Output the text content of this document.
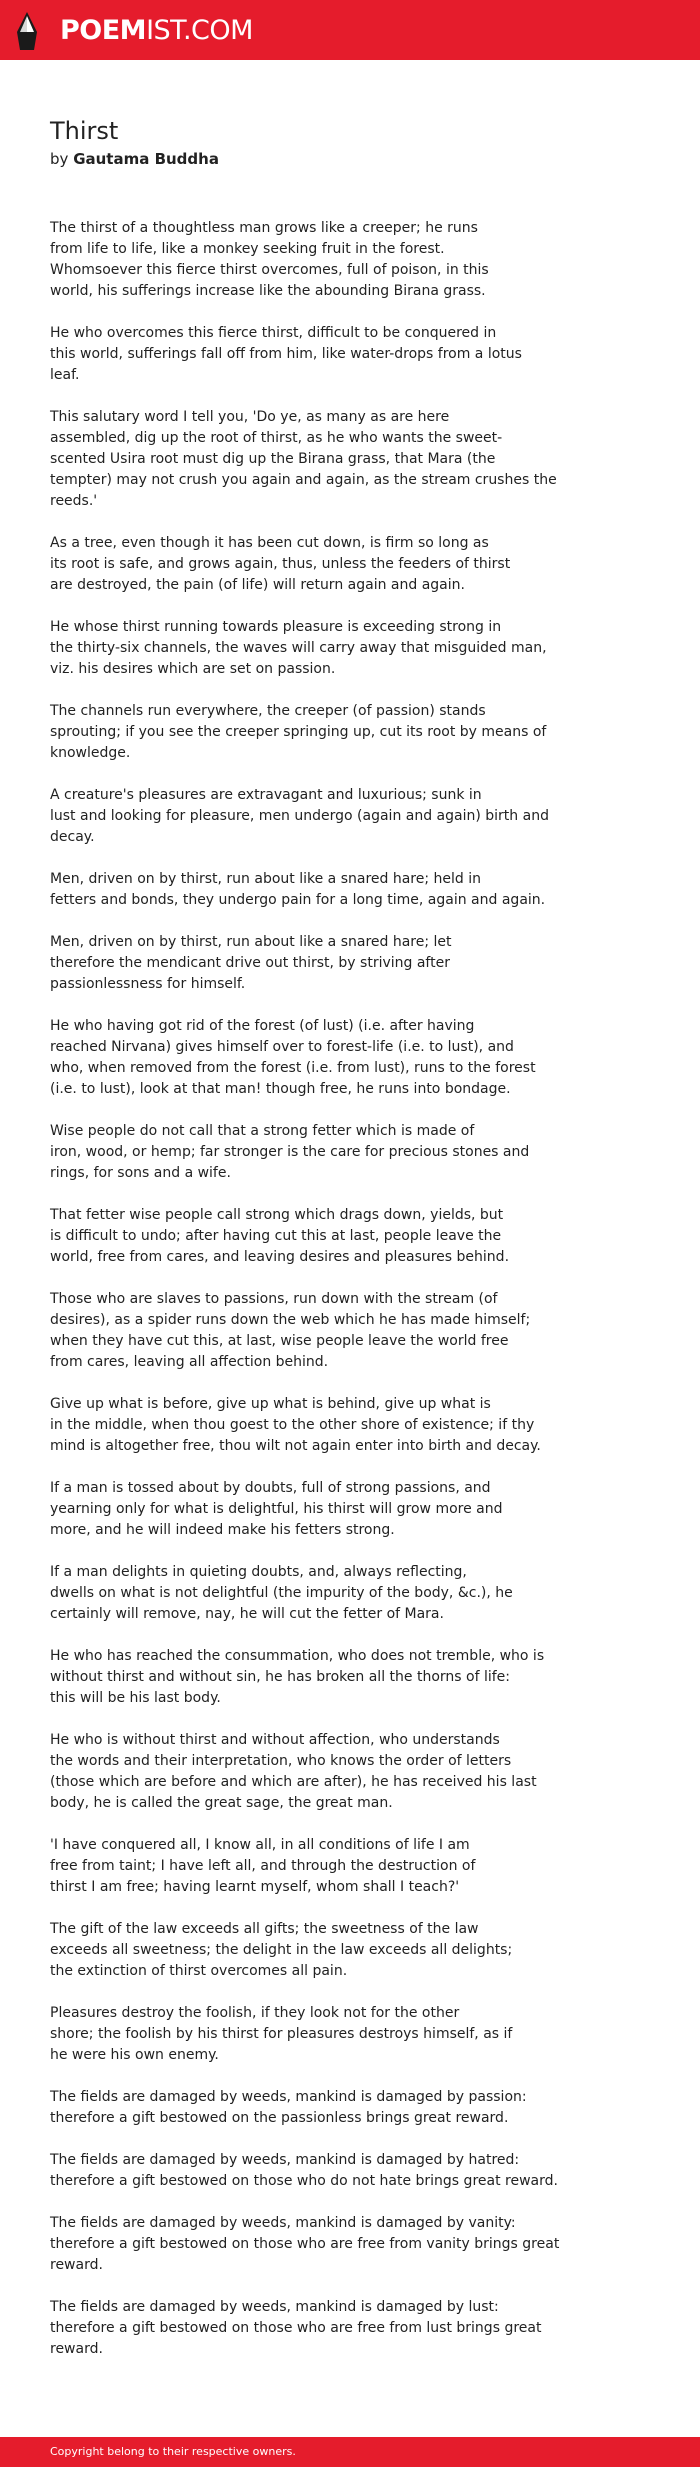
POEMIST.COM
Thirst
by Gautama Buddha

The thirst of a thoughtless man grows like a creeper; he runs
from life to life, like a monkey seeking fruit in the forest.
Whomsoever this fierce thirst overcomes, full of poison, in this
world, his sufferings increase like the abounding Birana grass.

He who overcomes this fierce thirst, difficult to be conquered in
this world, sufferings fall off from him, like water-drops from a lotus
leaf.

This salutary word I tell you, 'Do ye, as many as are here
assembled, dig up the root of thirst, as he who wants the sweet-
scented Usira root must dig up the Birana grass, that Mara (the
tempter) may not crush you again and again, as the stream crushes the
reeds.'

As a tree, even though it has been cut down, is firm so long as
its root is safe, and grows again, thus, unless the feeders of thirst
are destroyed, the pain (of life) will return again and again.

He whose thirst running towards pleasure is exceeding strong in
the thirty-six channels, the waves will carry away that misguided man,
viz. his desires which are set on passion.

The channels run everywhere, the creeper (of passion) stands
sprouting; if you see the creeper springing up, cut its root by means of
knowledge.

A creature's pleasures are extravagant and luxurious; sunk in
lust and looking for pleasure, men undergo (again and again) birth and
decay.

Men, driven on by thirst, run about like a snared hare; held in
fetters and bonds, they undergo pain for a long time, again and again.

Men, driven on by thirst, run about like a snared hare; let
therefore the mendicant drive out thirst, by striving after
passionlessness for himself.

He who having got rid of the forest (of lust) (i.e. after having
reached Nirvana) gives himself over to forest-life (i.e. to lust), and
who, when removed from the forest (i.e. from lust), runs to the forest
(i.e. to lust), look at that man! though free, he runs into bondage.

Wise people do not call that a strong fetter which is made of
iron, wood, or hemp; far stronger is the care for precious stones and
rings, for sons and a wife.

That fetter wise people call strong which drags down, yields, but
is difficult to undo; after having cut this at last, people leave the
world, free from cares, and leaving desires and pleasures behind.

Those who are slaves to passions, run down with the stream (of
desires), as a spider runs down the web which he has made himself;
when they have cut this, at last, wise people leave the world free
from cares, leaving all affection behind.

Give up what is before, give up what is behind, give up what is
in the middle, when thou goest to the other shore of existence; if thy
mind is altogether free, thou wilt not again enter into birth and decay.

If a man is tossed about by doubts, full of strong passions, and
yearning only for what is delightful, his thirst will grow more and
more, and he will indeed make his fetters strong.

If a man delights in quieting doubts, and, always reflecting,
dwells on what is not delightful (the impurity of the body, &c.), he
certainly will remove, nay, he will cut the fetter of Mara.

He who has reached the consummation, who does not tremble, who is
without thirst and without sin, he has broken all the thorns of life:
this will be his last body.

He who is without thirst and without affection, who understands
the words and their interpretation, who knows the order of letters
(those which are before and which are after), he has received his last
body, he is called the great sage, the great man.

'I have conquered all, I know all, in all conditions of life I am
free from taint; I have left all, and through the destruction of
thirst I am free; having learnt myself, whom shall I teach?'

The gift of the law exceeds all gifts; the sweetness of the law
exceeds all sweetness; the delight in the law exceeds all delights;
the extinction of thirst overcomes all pain.

Pleasures destroy the foolish, if they look not for the other
shore; the foolish by his thirst for pleasures destroys himself, as if
he were his own enemy.

The fields are damaged by weeds, mankind is damaged by passion:
therefore a gift bestowed on the passionless brings great reward.

The fields are damaged by weeds, mankind is damaged by hatred:
therefore a gift bestowed on those who do not hate brings great reward.

The fields are damaged by weeds, mankind is damaged by vanity:
therefore a gift bestowed on those who are free from vanity brings great
reward.

The fields are damaged by weeds, mankind is damaged by lust:
therefore a gift bestowed on those who are free from lust brings great
reward.

Copyright belong to their respective owners.
